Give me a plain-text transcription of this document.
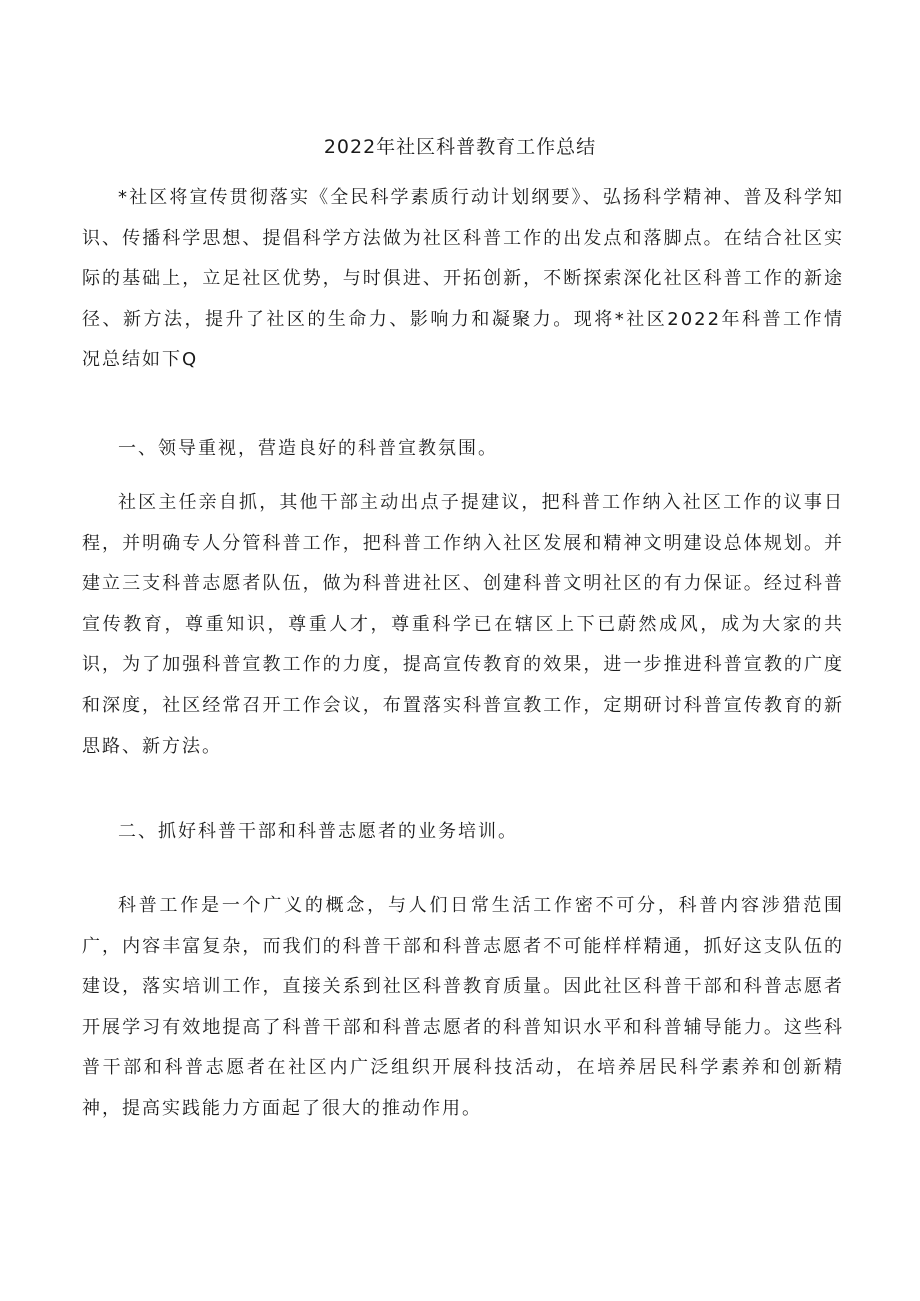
2022年社区科普教育工作总结

*社区将宣传贯彻落实《全民科学素质行动计划纲要》、弘扬科学精神、普及科学知识、传播科学思想、提倡科学方法做为社区科普工作的出发点和落脚点。在结合社区实际的基础上，立足社区优势，与时俱进、开拓创新，不断探索深化社区科普工作的新途径、新方法，提升了社区的生命力、影响力和凝聚力。现将*社区2022年科普工作情况总结如下Q

一、领导重视，营造良好的科普宣教氛围。

社区主任亲自抓，其他干部主动出点子提建议，把科普工作纳入社区工作的议事日程，并明确专人分管科普工作，把科普工作纳入社区发展和精神文明建设总体规划。并建立三支科普志愿者队伍，做为科普进社区、创建科普文明社区的有力保证。经过科普宣传教育，尊重知识，尊重人才，尊重科学已在辖区上下已蔚然成风，成为大家的共识，为了加强科普宣教工作的力度，提高宣传教育的效果，进一步推进科普宣教的广度和深度，社区经常召开工作会议，布置落实科普宣教工作，定期研讨科普宣传教育的新思路、新方法。

二、抓好科普干部和科普志愿者的业务培训。

科普工作是一个广义的概念，与人们日常生活工作密不可分，科普内容涉猎范围广，内容丰富复杂，而我们的科普干部和科普志愿者不可能样样精通，抓好这支队伍的建设，落实培训工作，直接关系到社区科普教育质量。因此社区科普干部和科普志愿者开展学习有效地提高了科普干部和科普志愿者的科普知识水平和科普辅导能力。这些科普干部和科普志愿者在社区内广泛组织开展科技活动，在培养居民科学素养和创新精神，提高实践能力方面起了很大的推动作用。
